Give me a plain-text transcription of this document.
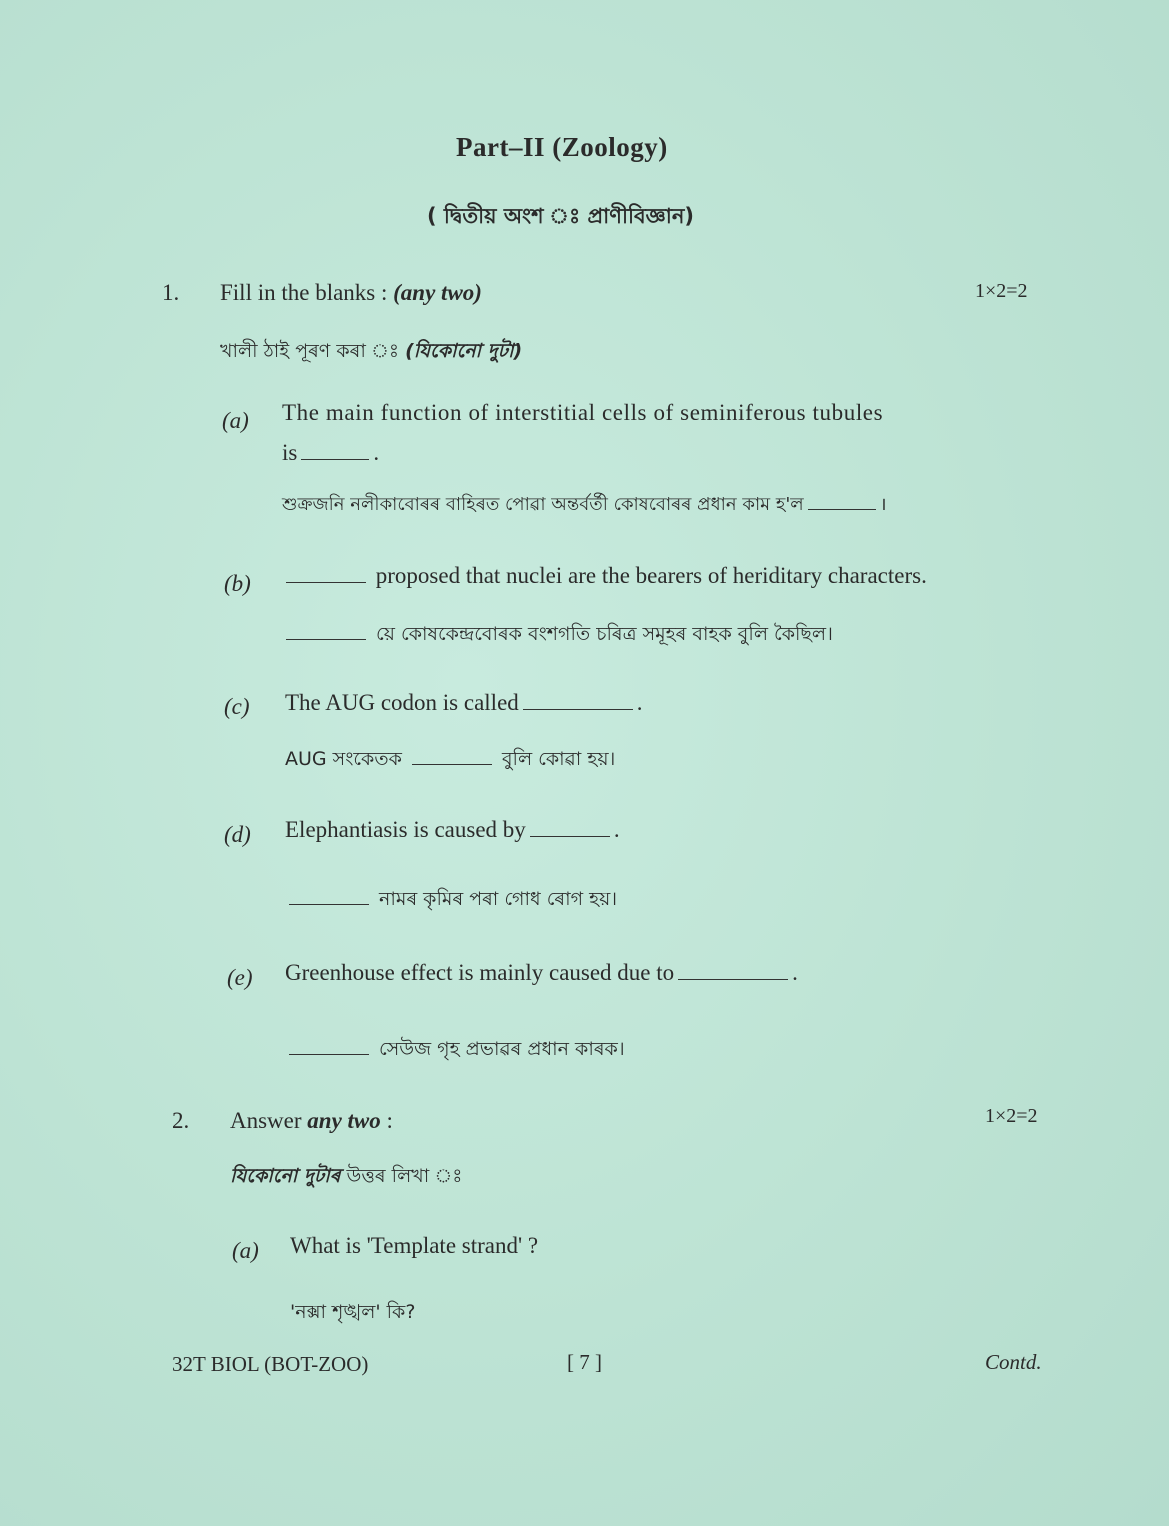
Part–II (Zoology)
( দ্বিতীয় অংশ ঃ প্ৰাণীবিজ্ঞান)
1. Fill in the blanks : (any two)	1×2=2
খালী ঠাই পূৰণ কৰা ঃ (যিকোনো দুটা)
(a) The main function of interstitial cells of seminiferous tubules
is	.
শুক্ৰজনি নলীকাবোৰৰ বাহিৰত পোৱা অন্তৰ্বৰ্তী কোষবোৰৰ প্ৰধান কাম হ'ল	।
(b)	proposed that nuclei are the bearers of heriditary characters.
য়ে কোষকেন্দ্ৰবোৰক বংশগতি চৰিত্ৰ সমূহৰ বাহক বুলি কৈছিল।
(c) The AUG codon is called	.
AUG সংকেতক	বুলি কোৱা হয়।
(d) Elephantiasis is caused by	.
নামৰ কৃমিৰ পৰা গোধ ৰোগ হয়।
(e) Greenhouse effect is mainly caused due to	.
সেউজ গৃহ প্ৰভাৱৰ প্ৰধান কাৰক।
2. Answer any two :	1×2=2
যিকোনো দুটাৰ উত্তৰ লিখা ঃ
(a) What is 'Template strand' ?
'নক্সা শৃঙ্খল' কি?
32T BIOL (BOT-ZOO)	[ 7 ]	Contd.
